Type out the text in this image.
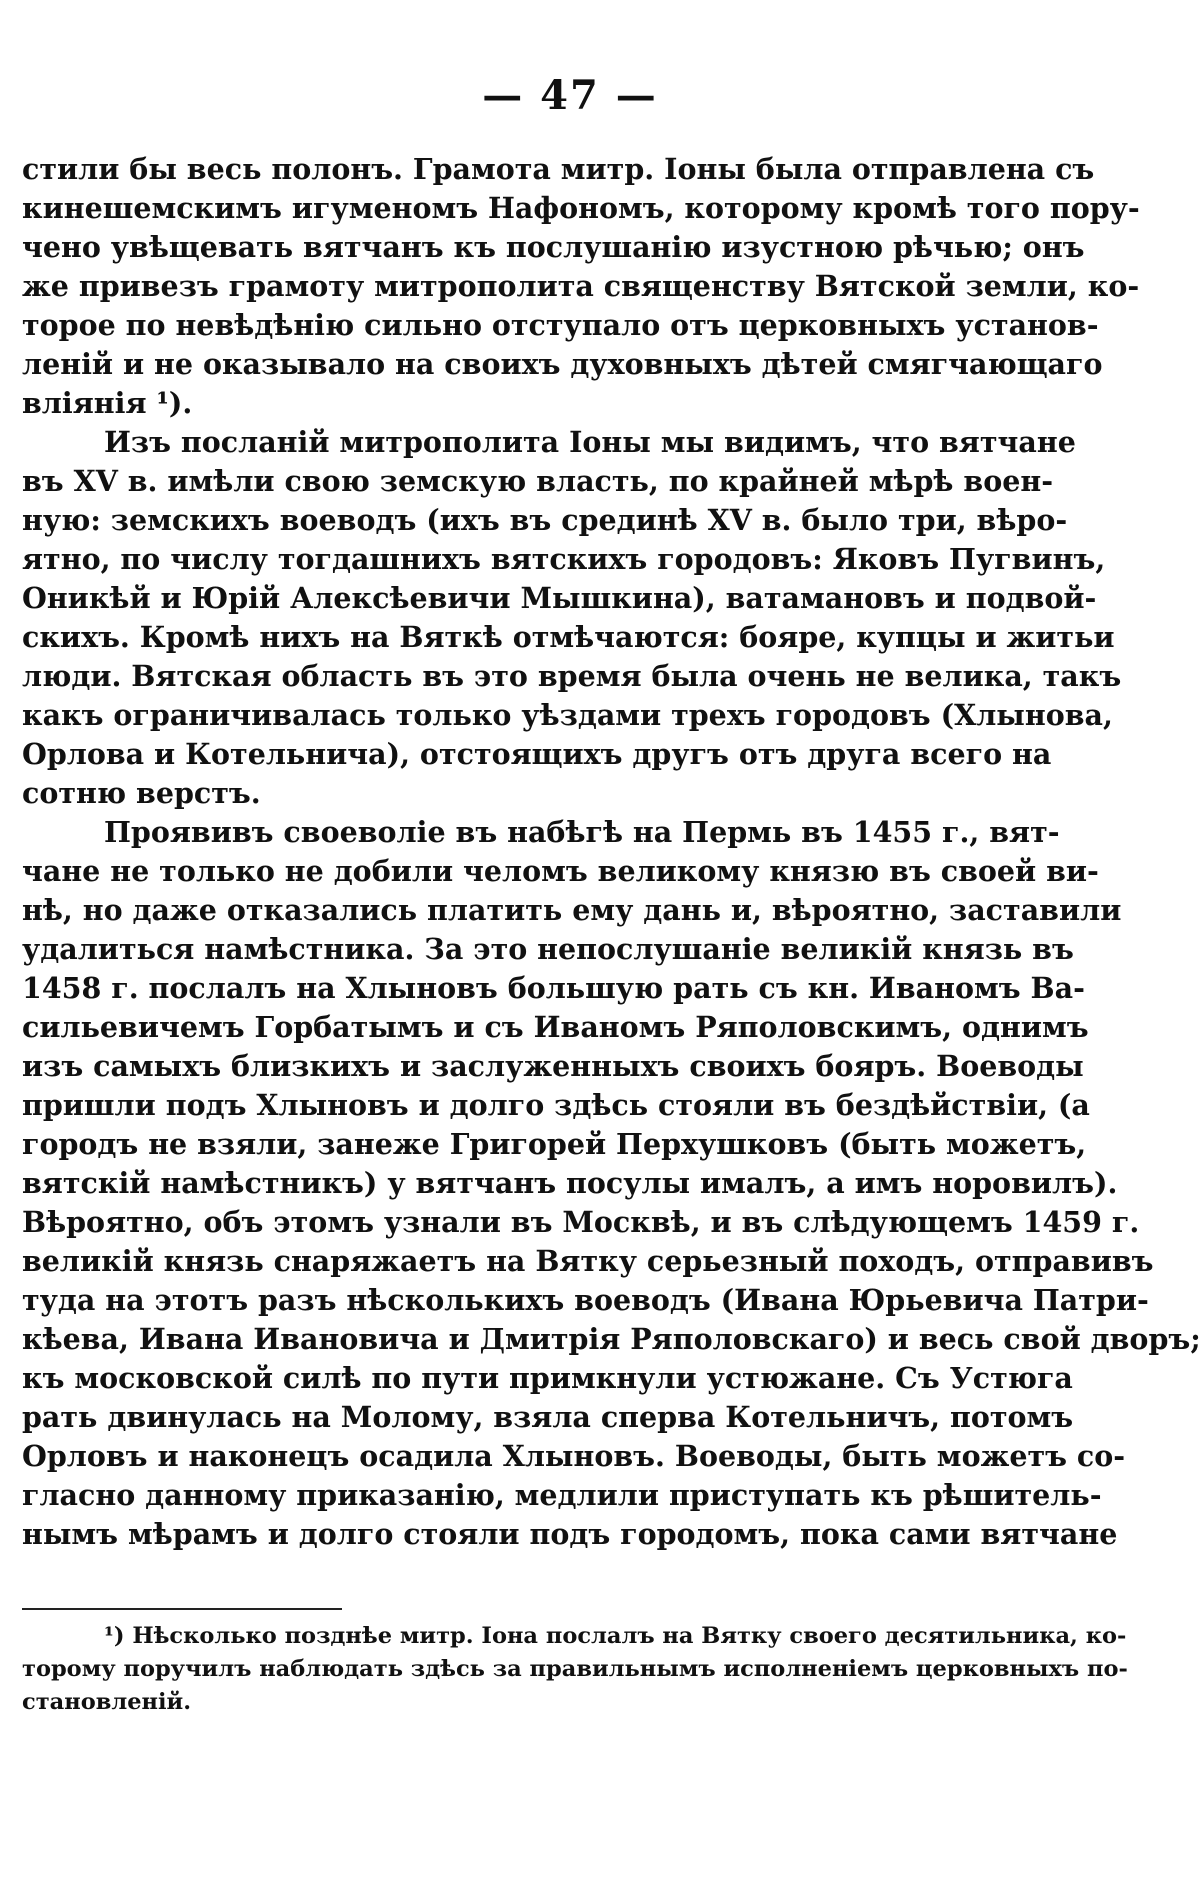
— 47 —
стили бы весь полонъ. Грамота митр. Іоны была отправлена съ
кинешемскимъ игуменомъ Нафономъ, которому кромѣ того пору-
чено увѣщевать вятчанъ къ послушанію изустною рѣчью; онъ
же привезъ грамоту митрополита священству Вятской земли, ко-
торое по невѣдѣнію сильно отступало отъ церковныхъ установ-
леній и не оказывало на своихъ духовныхъ дѣтей смягчающаго
вліянія ¹).
Изъ посланій митрополита Іоны мы видимъ, что вятчане
въ XV в. имѣли свою земскую власть, по крайней мѣрѣ воен-
ную: земскихъ воеводъ (ихъ въ срединѣ XV в. было три, вѣро-
ятно, по числу тогдашнихъ вятскихъ городовъ: Яковъ Пугвинъ,
Оникѣй и Юрій Алексѣевичи Мышкина), ватамановъ и подвой-
скихъ. Кромѣ нихъ на Вяткѣ отмѣчаются: бояре, купцы и житьи
люди. Вятская область въ это время была очень не велика, такъ
какъ ограничивалась только уѣздами трехъ городовъ (Хлынова,
Орлова и Котельнича), отстоящихъ другъ отъ друга всего на
сотню верстъ.
Проявивъ своеволіе въ набѣгѣ на Пермь въ 1455 г., вят-
чане не только не добили челомъ великому князю въ своей ви-
нѣ, но даже отказались платить ему дань и, вѣроятно, заставили
удалиться намѣстника. За это непослушаніе великій князь въ
1458 г. послалъ на Хлыновъ большую рать съ кн. Иваномъ Ва-
сильевичемъ Горбатымъ и съ Иваномъ Ряполовскимъ, однимъ
изъ самыхъ близкихъ и заслуженныхъ своихъ бояръ. Воеводы
пришли подъ Хлыновъ и долго здѣсь стояли въ бездѣйствіи, (а
городъ не взяли, занеже Григорей Перхушковъ (быть можетъ,
вятскій намѣстникъ) у вятчанъ посулы ималъ, а имъ норовилъ).
Вѣроятно, объ этомъ узнали въ Москвѣ, и въ слѣдующемъ 1459 г.
великій князь снаряжаетъ на Вятку серьезный походъ, отправивъ
туда на этотъ разъ нѣсколькихъ воеводъ (Ивана Юрьевича Патри-
кѣева, Ивана Ивановича и Дмитрія Ряполовскаго) и весь свой дворъ;
къ московской силѣ по пути примкнули устюжане. Съ Устюга
рать двинулась на Молому, взяла сперва Котельничъ, потомъ
Орловъ и наконецъ осадила Хлыновъ. Воеводы, быть можетъ со-
гласно данному приказанію, медлили приступать къ рѣшитель-
нымъ мѣрамъ и долго стояли подъ городомъ, пока сами вятчане
¹) Нѣсколько позднѣе митр. Іона послалъ на Вятку своего десятильника, ко-
торому поручилъ наблюдать здѣсь за правильнымъ исполненіемъ церковныхъ по-
становленій.
